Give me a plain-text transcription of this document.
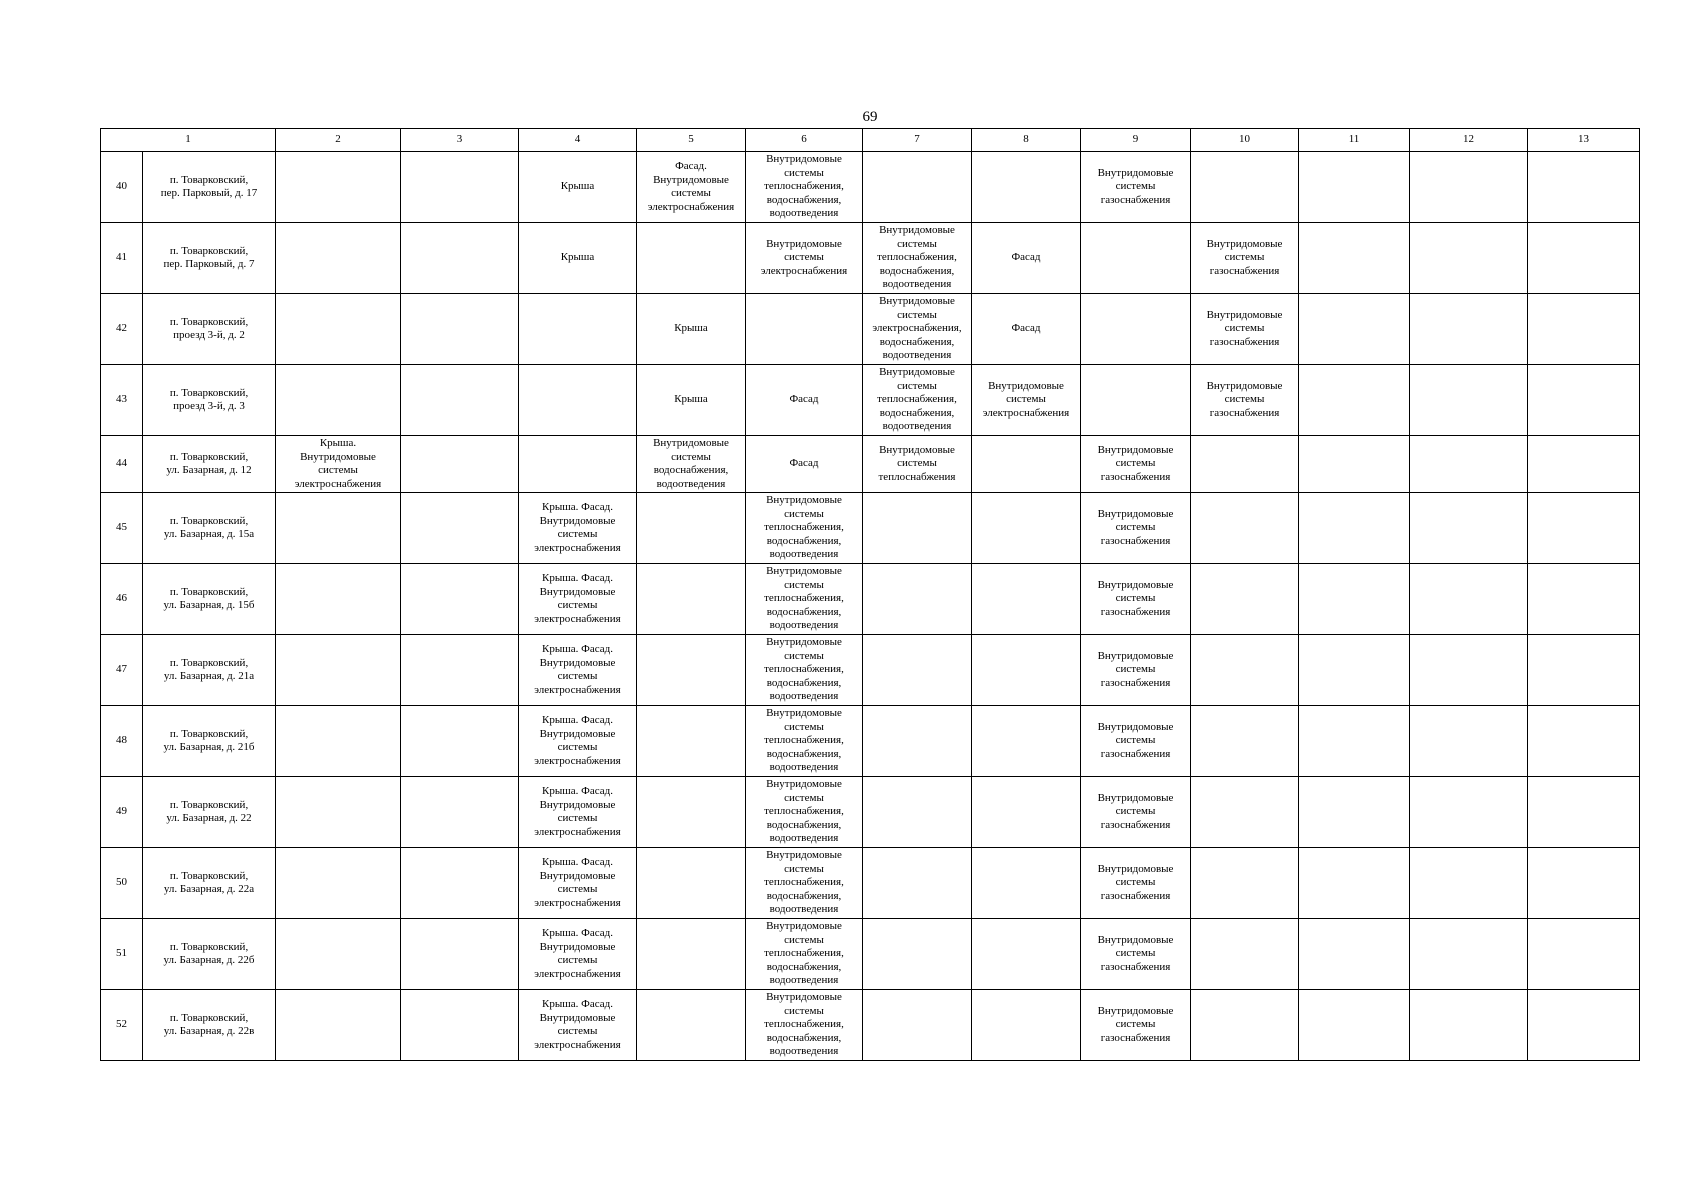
69
1		2	3	4	5	6	7	8	9	10	11	12	13

40	п. Товарковский,
пер. Парковый, д. 17			Крыша	Фасад.
Внутридомовые
системы
электроснабжения	Внутридомовые
системы
теплоснабжения,
водоснабжения,
водоотведения			Внутридомовые
системы
газоснабжения				

41	п. Товарковский,
пер. Парковый, д. 7			Крыша		Внутридомовые
системы
электроснабжения	Внутридомовые
системы
теплоснабжения,
водоснабжения,
водоотведения	Фасад		Внутридомовые
системы
газоснабжения			

42	п. Товарковский,
проезд 3-й, д. 2				Крыша		Внутридомовые
системы
электроснабжения,
водоснабжения,
водоотведения	Фасад		Внутридомовые
системы
газоснабжения			

43	п. Товарковский,
проезд 3-й, д. 3				Крыша	Фасад	Внутридомовые
системы
теплоснабжения,
водоснабжения,
водоотведения	Внутридомовые
системы
электроснабжения		Внутридомовые
системы
газоснабжения			

44	п. Товарковский,
ул. Базарная, д. 12	Крыша.
Внутридомовые
системы
электроснабжения			Внутридомовые
системы
водоснабжения,
водоотведения	Фасад	Внутридомовые
системы
теплоснабжения		Внутридомовые
системы
газоснабжения				

45	п. Товарковский,
ул. Базарная, д. 15а			Крыша. Фасад.
Внутридомовые
системы
электроснабжения		Внутридомовые
системы
теплоснабжения,
водоснабжения,
водоотведения			Внутридомовые
системы
газоснабжения				

46	п. Товарковский,
ул. Базарная, д. 15б			Крыша. Фасад.
Внутридомовые
системы
электроснабжения		Внутридомовые
системы
теплоснабжения,
водоснабжения,
водоотведения			Внутридомовые
системы
газоснабжения				

47	п. Товарковский,
ул. Базарная, д. 21а			Крыша. Фасад.
Внутридомовые
системы
электроснабжения		Внутридомовые
системы
теплоснабжения,
водоснабжения,
водоотведения			Внутридомовые
системы
газоснабжения				

48	п. Товарковский,
ул. Базарная, д. 21б			Крыша. Фасад.
Внутридомовые
системы
электроснабжения		Внутридомовые
системы
теплоснабжения,
водоснабжения,
водоотведения			Внутридомовые
системы
газоснабжения				

49	п. Товарковский,
ул. Базарная, д. 22			Крыша. Фасад.
Внутридомовые
системы
электроснабжения		Внутридомовые
системы
теплоснабжения,
водоснабжения,
водоотведения			Внутридомовые
системы
газоснабжения				

50	п. Товарковский,
ул. Базарная, д. 22а			Крыша. Фасад.
Внутридомовые
системы
электроснабжения		Внутридомовые
системы
теплоснабжения,
водоснабжения,
водоотведения			Внутридомовые
системы
газоснабжения				

51	п. Товарковский,
ул. Базарная, д. 22б			Крыша. Фасад.
Внутридомовые
системы
электроснабжения		Внутридомовые
системы
теплоснабжения,
водоснабжения,
водоотведения			Внутридомовые
системы
газоснабжения				

52	п. Товарковский,
ул. Базарная, д. 22в			Крыша. Фасад.
Внутридомовые
системы
электроснабжения		Внутридомовые
системы
теплоснабжения,
водоснабжения,
водоотведения			Внутридомовые
системы
газоснабжения				
